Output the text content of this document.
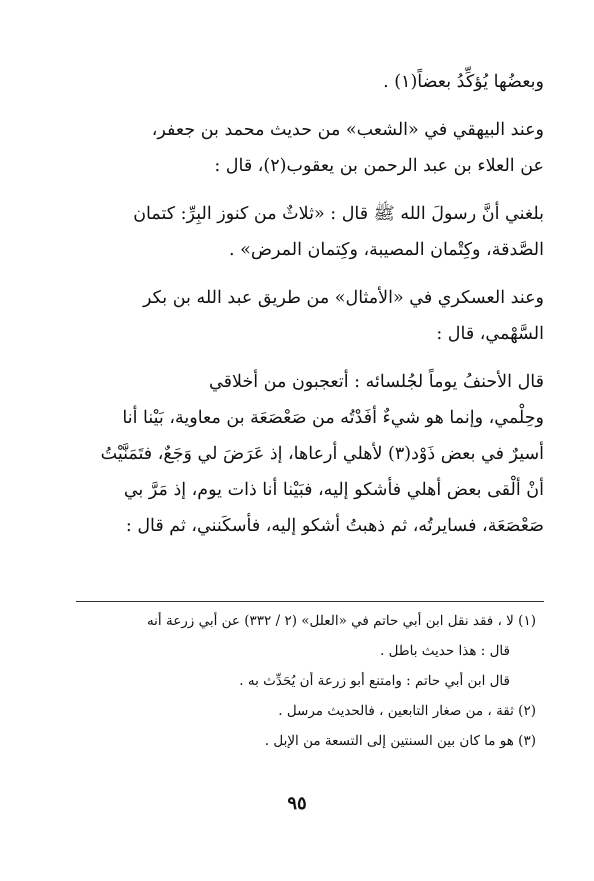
وبعضُها يُؤكِّدُ بعضاً(١) .
وعند البيهقي في «الشعب» من حديث محمد بن جعفر،
عن العلاء بن عبد الرحمن بن يعقوب(٢)، قال :
بلغني أنَّ رسولَ الله ﷺ قال : «ثلاثٌ من كنوز البِرِّ: كتمان
الصَّدقة، وكِتْمان المصيبة، وكِتمان المرض» .
وعند العسكري في «الأمثال» من طريق عبد الله بن بكر
السَّهْمي، قال :
قال الأحنفُ يوماً لجُلسائه : أتعجبون من أخلاقي
وحِلْمي، وإنما هو شيءٌ أفَدْتُه من صَعْصَعَة بن معاوية، بَيْنا أنا
أسيرٌ في بعض ذَوْد(٣) لأهلي أرعاها، إذ عَرَضَ لي وَجَعٌ، فتَمَنَّيْتُ
أنْ ألْقى بعض أهلي فأشكو إليه، فبَيْنا أنا ذات يوم، إذ مَرَّ بي
صَعْصَعَة، فسايرتُه، ثم ذهبتُ أشكو إليه، فأسكَنني، ثم قال :
(١) لا ، فقد نقل ابن أبي حاتم في «العلل» (٢ / ٣٣٢) عن أبي زرعة أنه
قال : هذا حديث باطل .
قال ابن أبي حاتم : وامتنع أبو زرعة أن يُحَدِّث به .
(٢) ثقة ، من صغار التابعين ، فالحديث مرسل .
(٣) هو ما كان بين السنتين إلى التسعة من الإبل .
٩٥
